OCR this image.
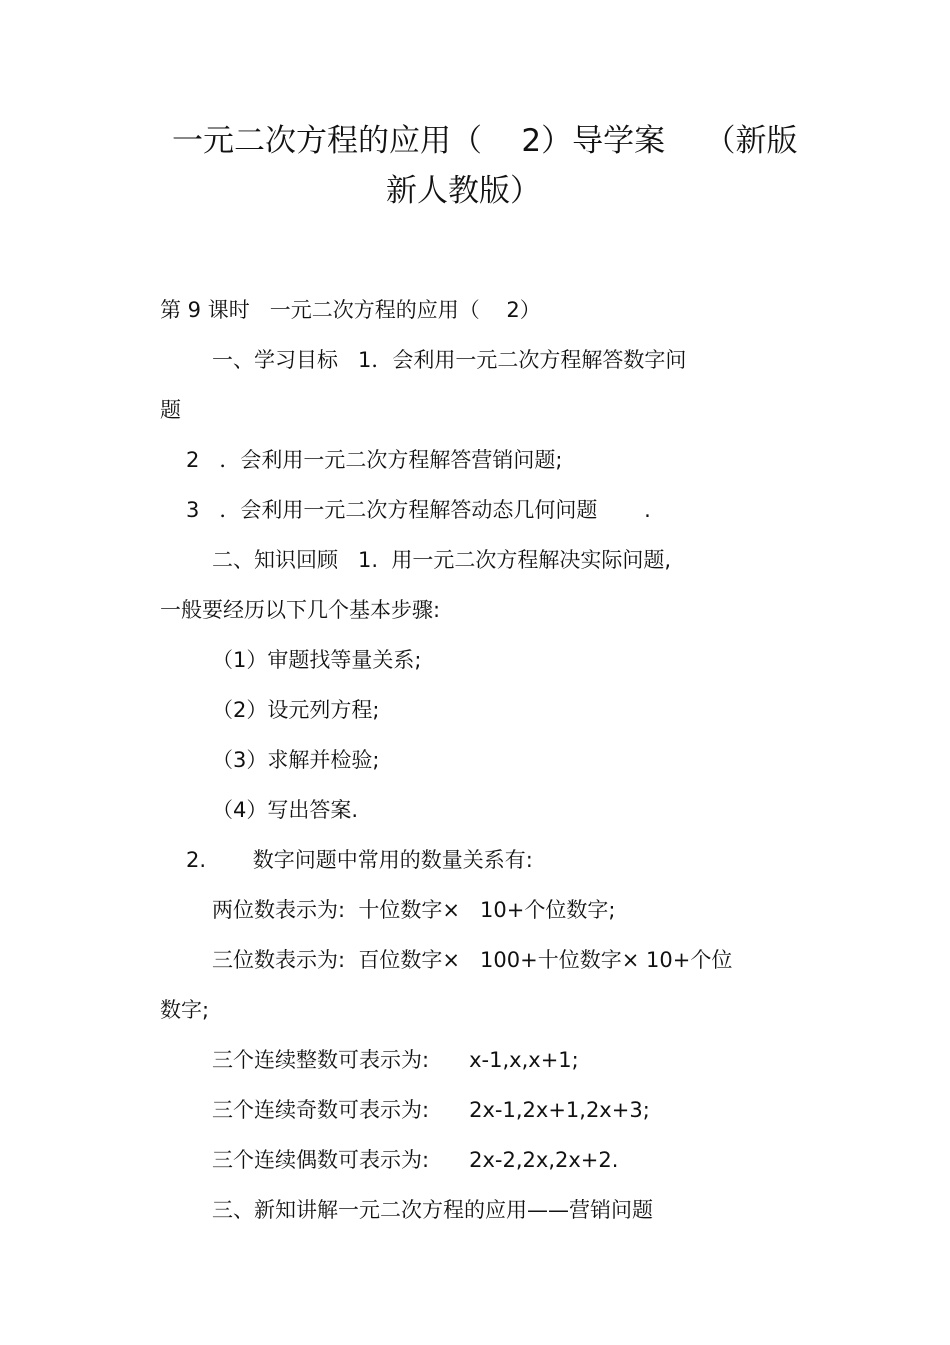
一元二次方程的应用（    2）导学案    （新版
新人教版）
第 9 课时   一元二次方程的应用（    2）
一、学习目标   1．会利用一元二次方程解答数字问
题
2   ．会利用一元二次方程解答营销问题;
3   ．会利用一元二次方程解答动态几何问题       .
二、知识回顾   1.  用一元二次方程解决实际问题,
一般要经历以下几个基本步骤:
（1）审题找等量关系;
（2）设元列方程;
（3）求解并检验;
（4）写出答案.
2.       数字问题中常用的数量关系有:
两位数表示为:  十位数字×   10+个位数字;
三位数表示为:  百位数字×   100+十位数字× 10+个位
数字;
三个连续整数可表示为:      x-1,x,x+1;
三个连续奇数可表示为:      2x-1,2x+1,2x+3;
三个连续偶数可表示为:      2x-2,2x,2x+2.
三、新知讲解一元二次方程的应用——营销问题
